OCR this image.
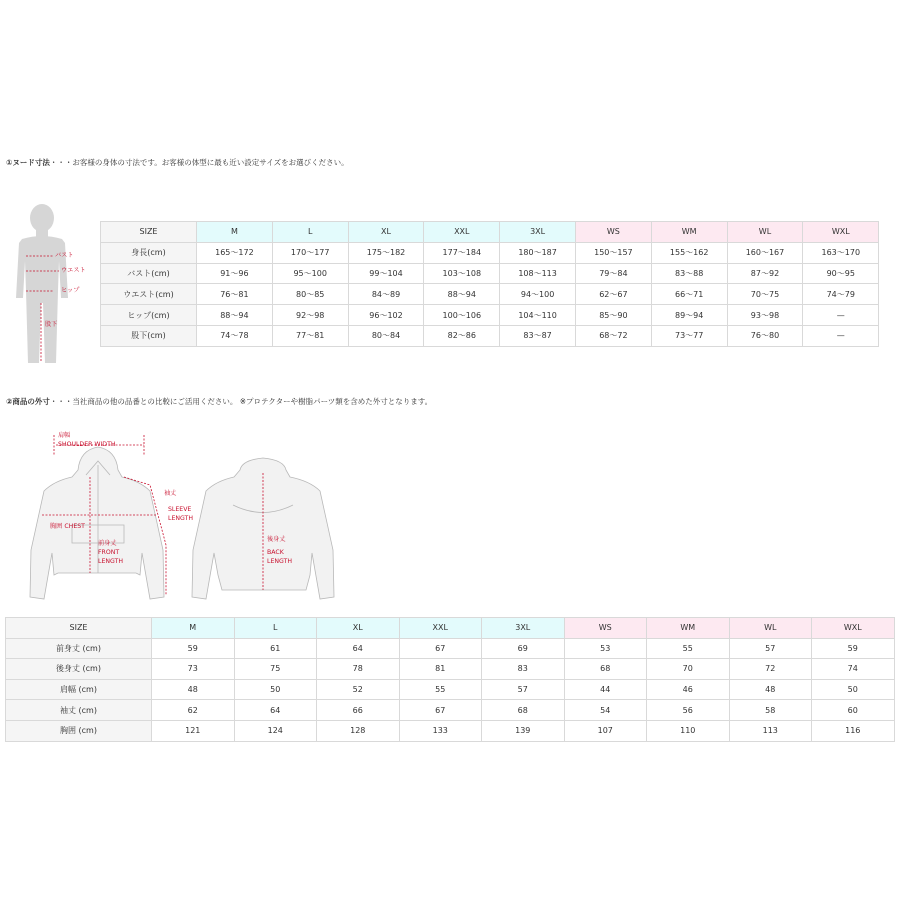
①ヌード寸法・・・お客様の身体の寸法です。お客様の体型に最も近い設定サイズをお選びください。
バスト
ウエスト
ヒップ
股下
SIZE	M	L	XL	XXL	3XL	WS	WM	WL	WXL
身長(cm)	165〜172	170〜177	175〜182	177〜184	180〜187	150〜157	155〜162	160〜167	163〜170
バスト(cm)	91〜96	95〜100	99〜104	103〜108	108〜113	79〜84	83〜88	87〜92	90〜95
ウエスト(cm)	76〜81	80〜85	84〜89	88〜94	94〜100	62〜67	66〜71	70〜75	74〜79
ヒップ(cm)	88〜94	92〜98	96〜102	100〜106	104〜110	85〜90	89〜94	93〜98	—
股下(cm)	74〜78	77〜81	80〜84	82〜86	83〜87	68〜72	73〜77	76〜80	—
②商品の外寸・・・当社商品の他の品番との比較にご活用ください。 ※プロテクターや樹脂パーツ類を含めた外寸となります。
肩幅
SHOULDER WIDTH
袖丈
SLEEVE
LENGTH
胸囲 CHEST
前身丈
FRONT
LENGTH
後身丈
BACK
LENGTH
SIZE	M	L	XL	XXL	3XL	WS	WM	WL	WXL
前身丈 (cm)	59	61	64	67	69	53	55	57	59
後身丈 (cm)	73	75	78	81	83	68	70	72	74
肩幅 (cm)	48	50	52	55	57	44	46	48	50
袖丈 (cm)	62	64	66	67	68	54	56	58	60
胸囲 (cm)	121	124	128	133	139	107	110	113	116
